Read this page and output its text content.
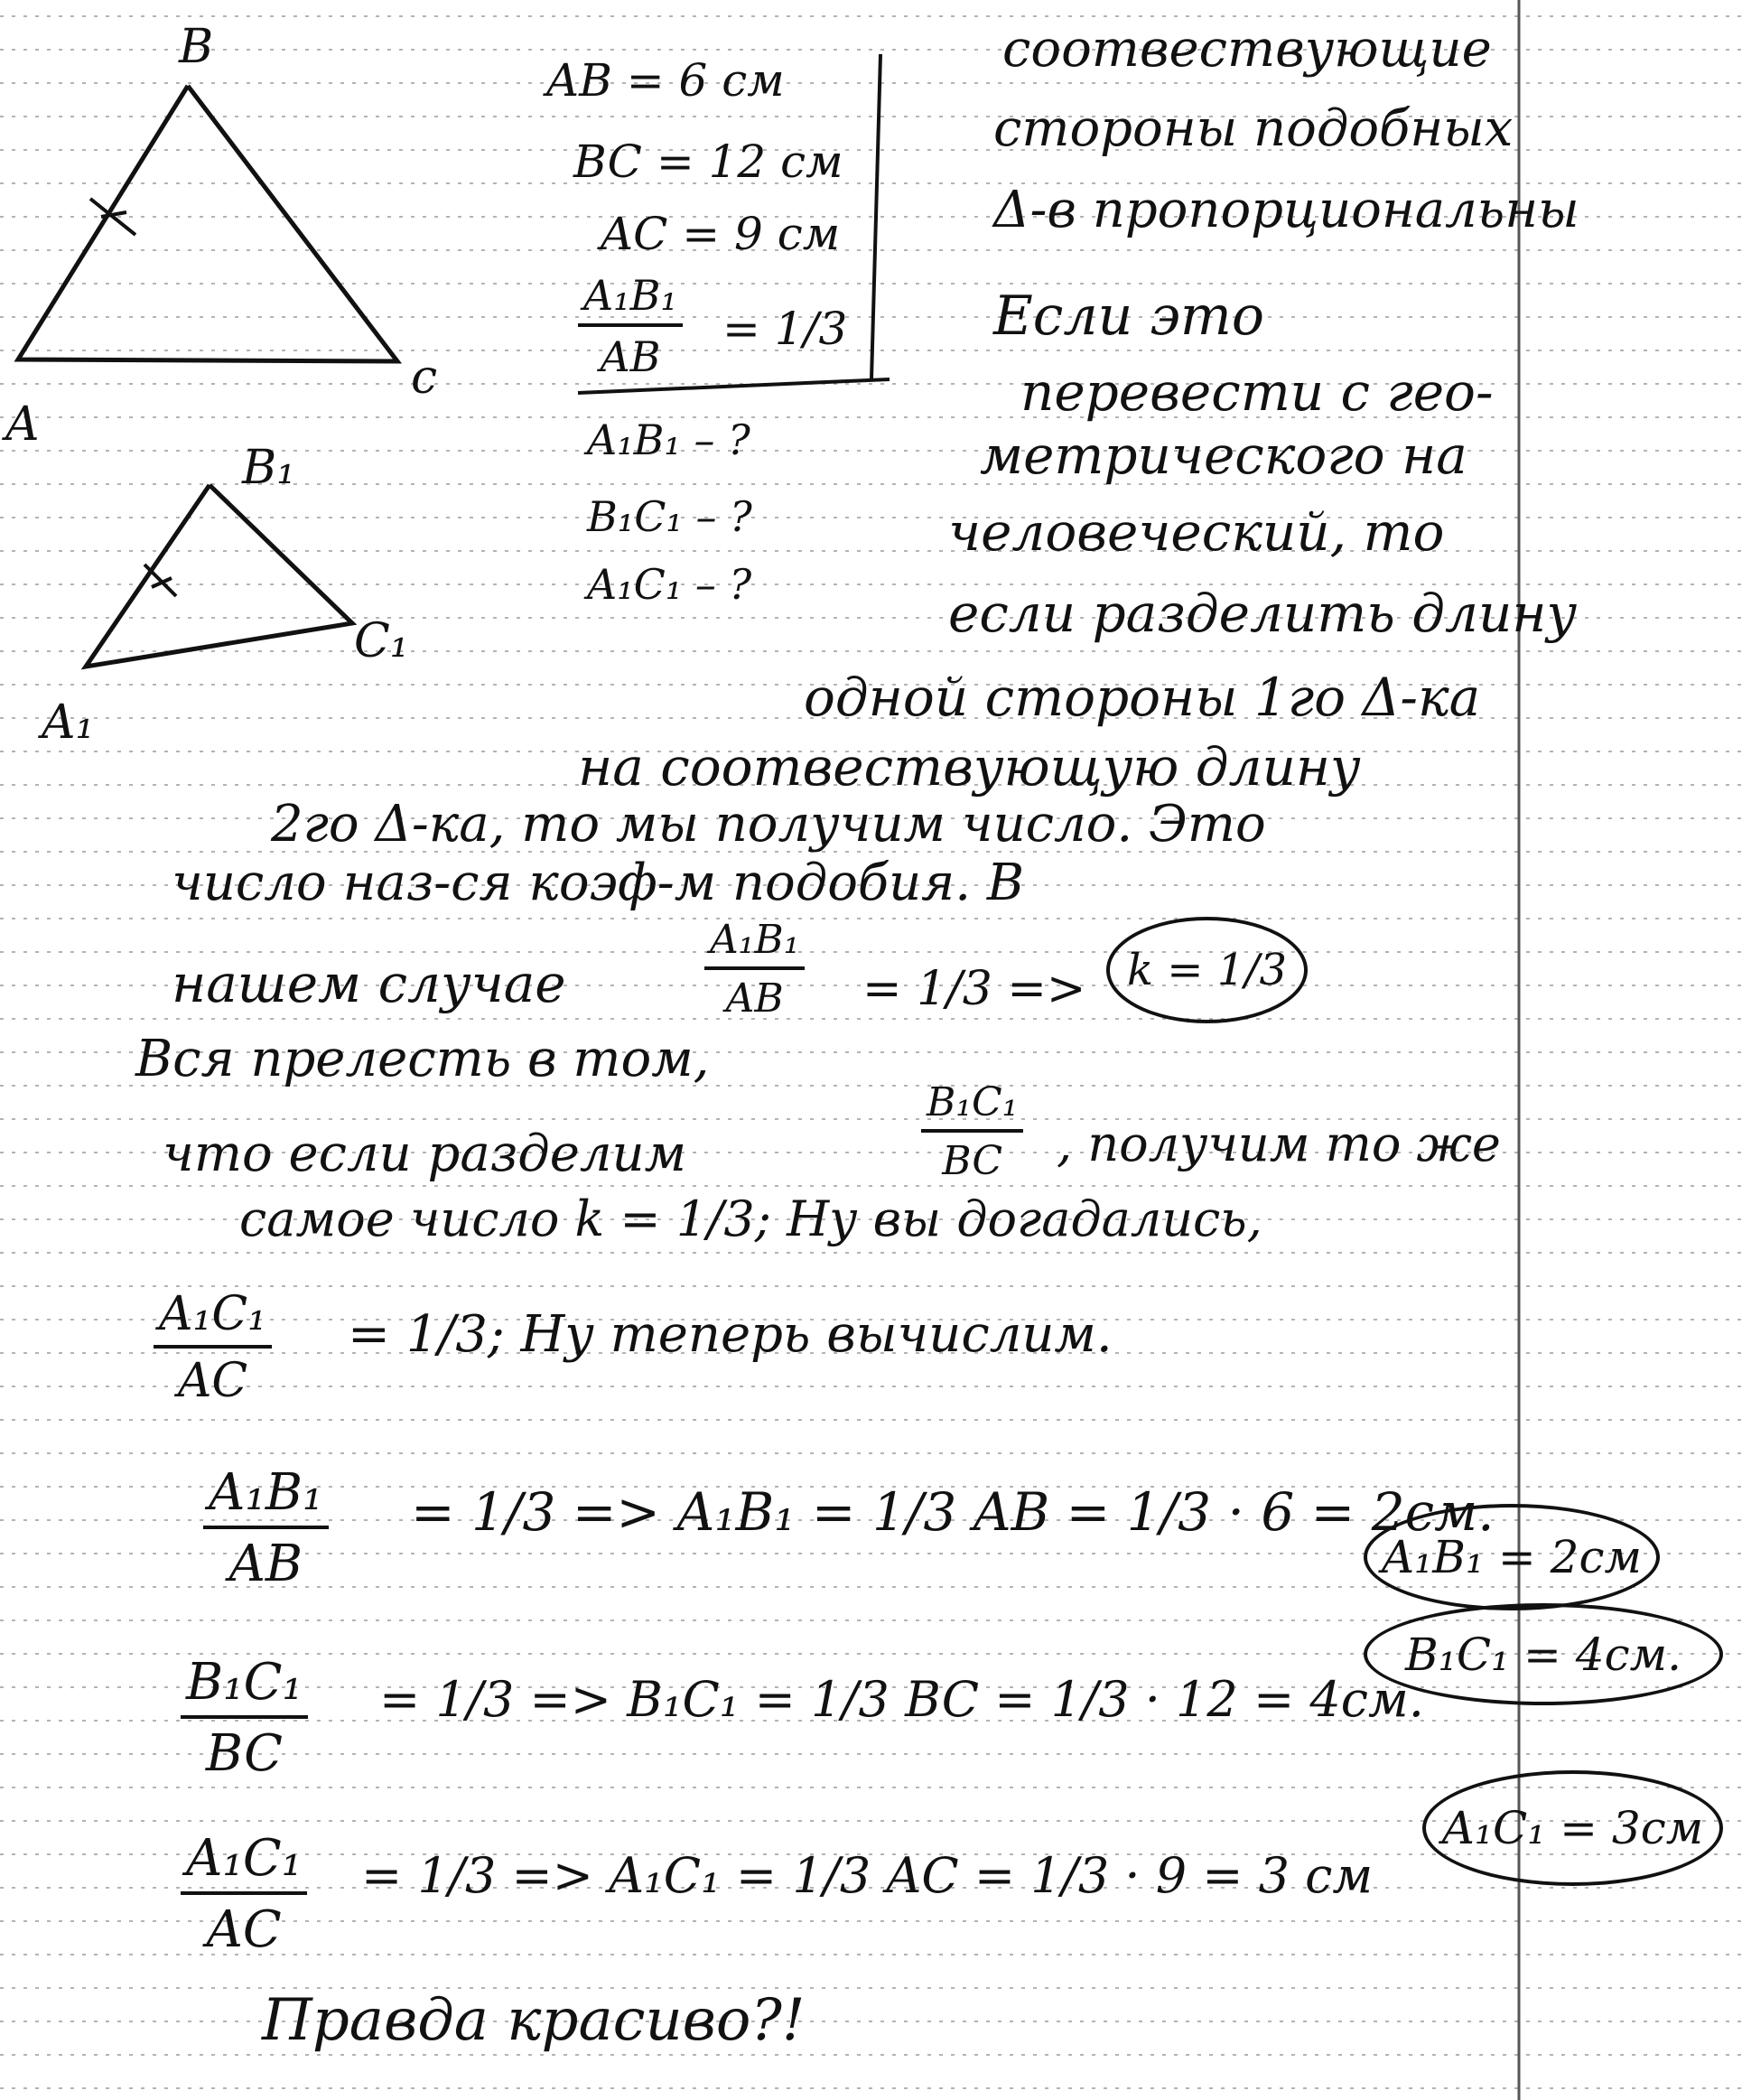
B
A
c
B₁
A₁
C₁
AB = 6 см
BC = 12 см
AC = 9 см
$\frac{\text{A₁B₁}}{AB} = 1/3$
A₁B₁ – ?
B₁C₁ – ?
A₁C₁ – ?
соотвествующие
стороны подобных
Δ-в пропорциональны
Если это
перевести с гео-
метрического на
человеческий, то
если разделить длину
одной стороны 1го Δ-ка
на соотвествующую длину
2го Δ-ка, то мы получим число. Это
число наз-ся коэф-м подобия. В
нашем случае	$\frac{\text{A₁B₁}}{AB} = 1/3 => k = 1/3$
Вся прелесть в том,
что если разделим	$\frac{\text{B₁C₁}}{BC}$ , получим то же
самое число k = 1/3; Ну вы догадались,
$\frac{\text{A₁C₁}}{AC} = 1/3$; Ну теперь вычислим.
$\frac{\text{A₁B₁}}{AB} = 1/3 => A_1B_1 = 1/3$ AB = 1/3 · 6 = 2см.
$\frac{\text{B₁C₁}}{BC} = 1/3 => B_1C_1 = 1/3$ BC = 1/3 · 12 = 4см.
$\frac{\text{A₁C₁}}{AC} = 1/3 => A_1C_1 = 1/3$ AC = 1/3 · 9 = 3 см
A₁B₁ = 2см
B₁C₁ = 4см.
A₁C₁ = 3см
Правда красиво?!
